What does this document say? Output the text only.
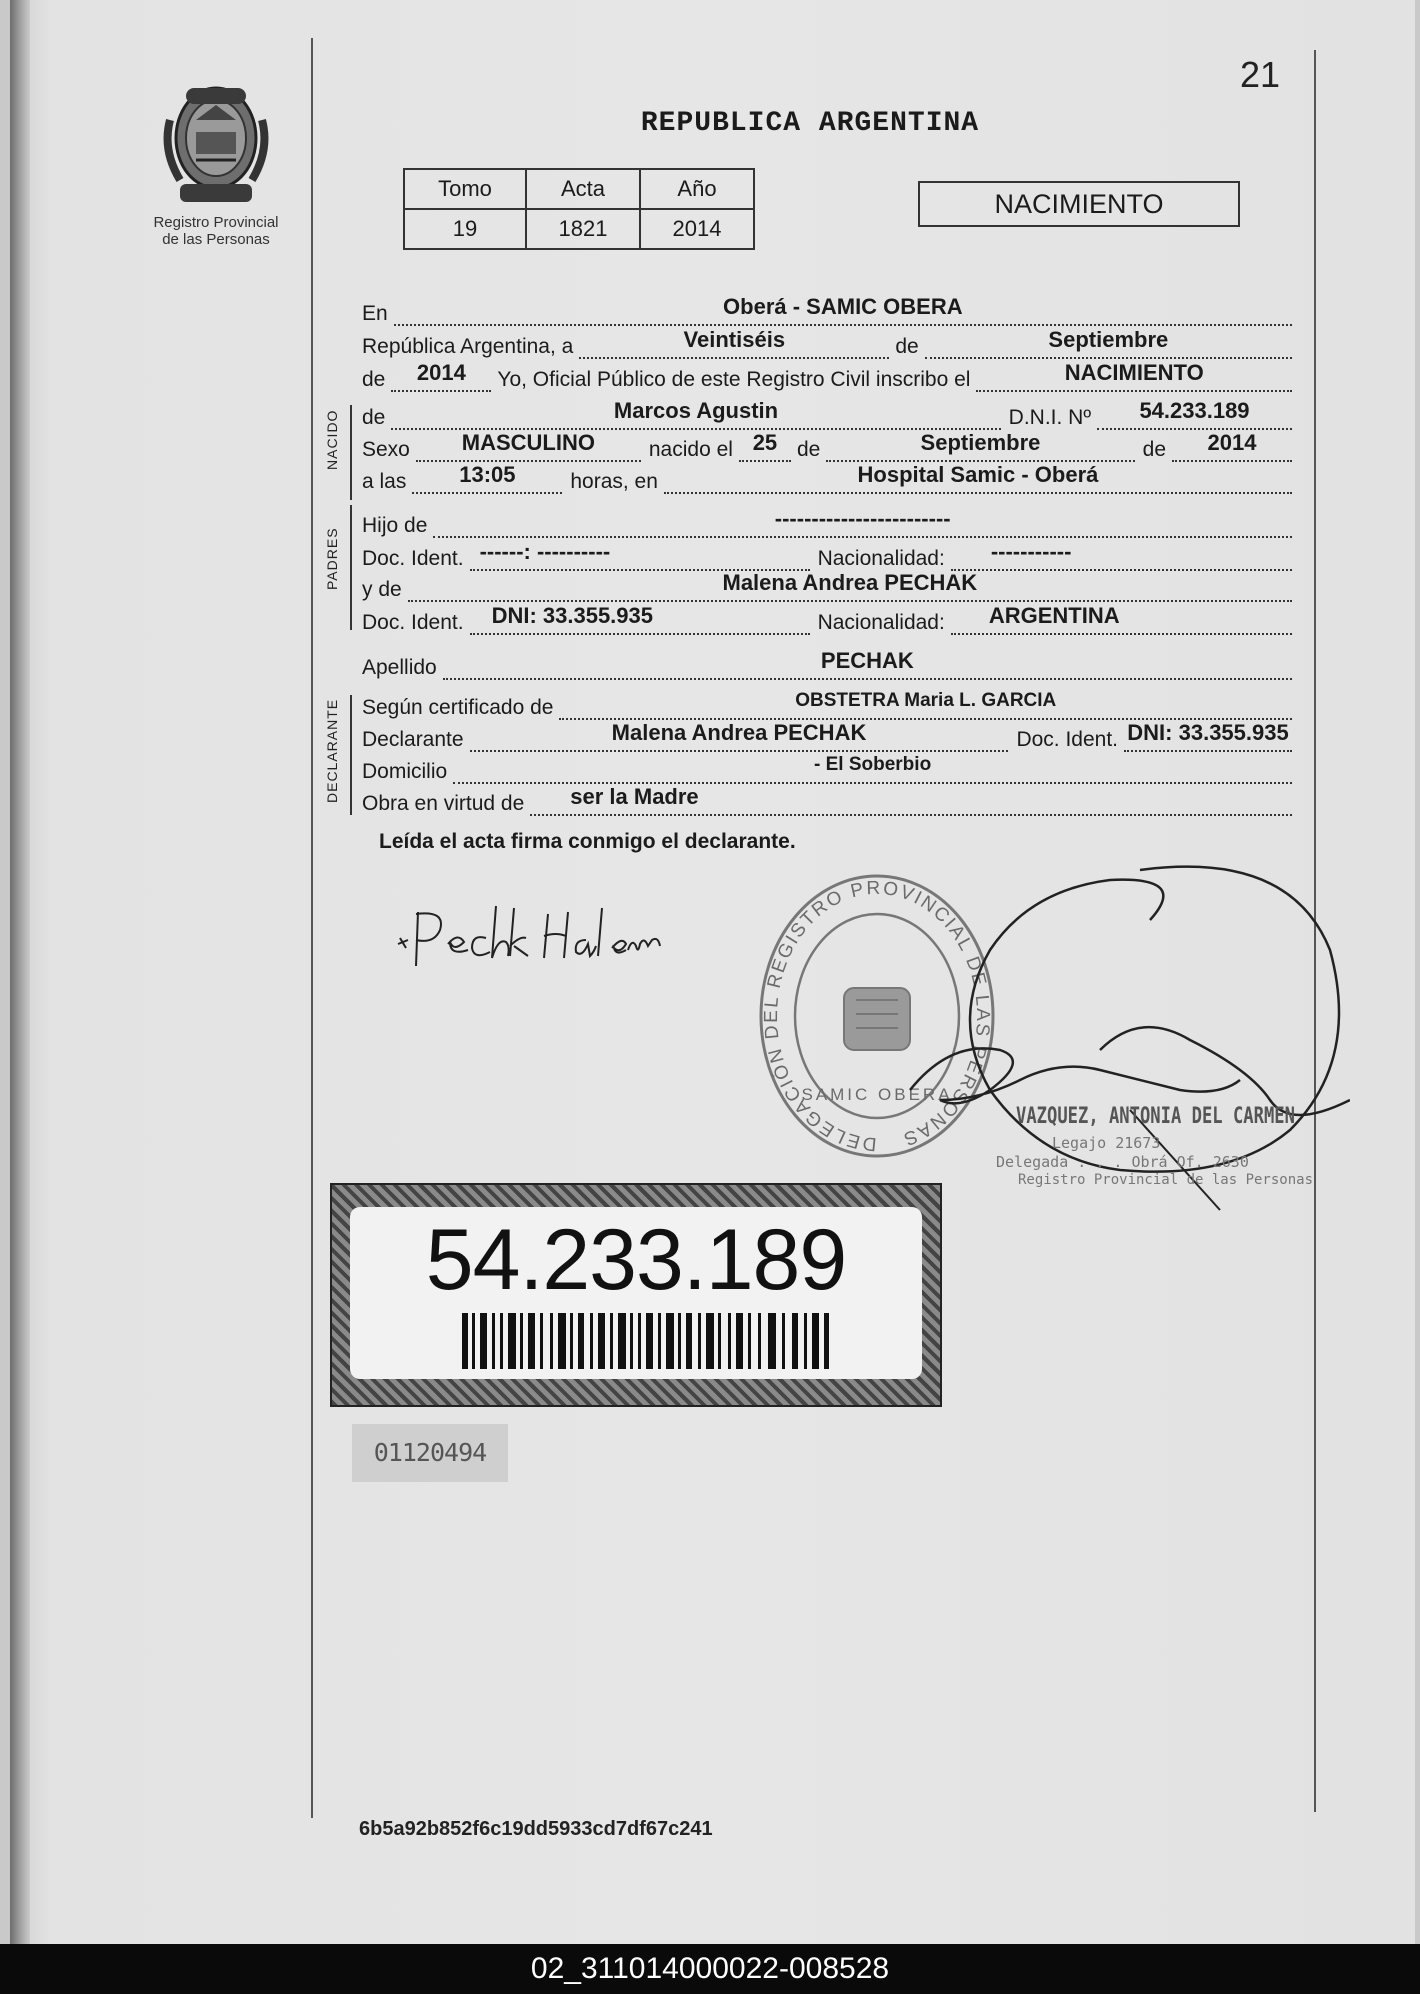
21
Registro Provincial
de las Personas
REPUBLICA ARGENTINA
Tomo	Acta	Año
19	1821	2014
NACIMIENTO
En	Oberá - SAMIC OBERA
República Argentina, a	Veintiséis	de	Septiembre
de	2014	Yo, Oficial Público de este Registro Civil inscribo el	NACIMIENTO
NACIDO de	Marcos Agustin	D.N.I. Nº	54.233.189
Sexo	MASCULINO	nacido el 25 de	Septiembre	de	2014
a las	13:05	horas, en	Hospital Samic - Oberá
PADRES
Hijo de	------------------------
Doc. Ident. ------: ----------	Nacionalidad:	-----------
y de	Malena Andrea PECHAK
Doc. Ident.	DNI: 33.355.935	Nacionalidad:	ARGENTINA
Apellido	PECHAK
DECLARANTE Según certificado de	OBSTETRA Maria L. GARCIA
Declarante	Malena Andrea PECHAK	Doc. Ident. DNI: 33.355.935
Domicilio	- El Soberbio
Obra en virtud de	ser la Madre
Leída el acta firma conmigo el declarante.
DELEGACIÓN DEL REGISTRO PROVINCIAL DE LAS PERSONAS
SAMIC OBERA
VAZQUEZ, ANTONIA DEL CARMEN
Legajo 21673
Delegada . . . Obrá Of. 2630
Registro Provincial de las Personas
54.233.189
01120494
6b5a92b852f6c19dd5933cd7df67c241
02_311014000022-008528
